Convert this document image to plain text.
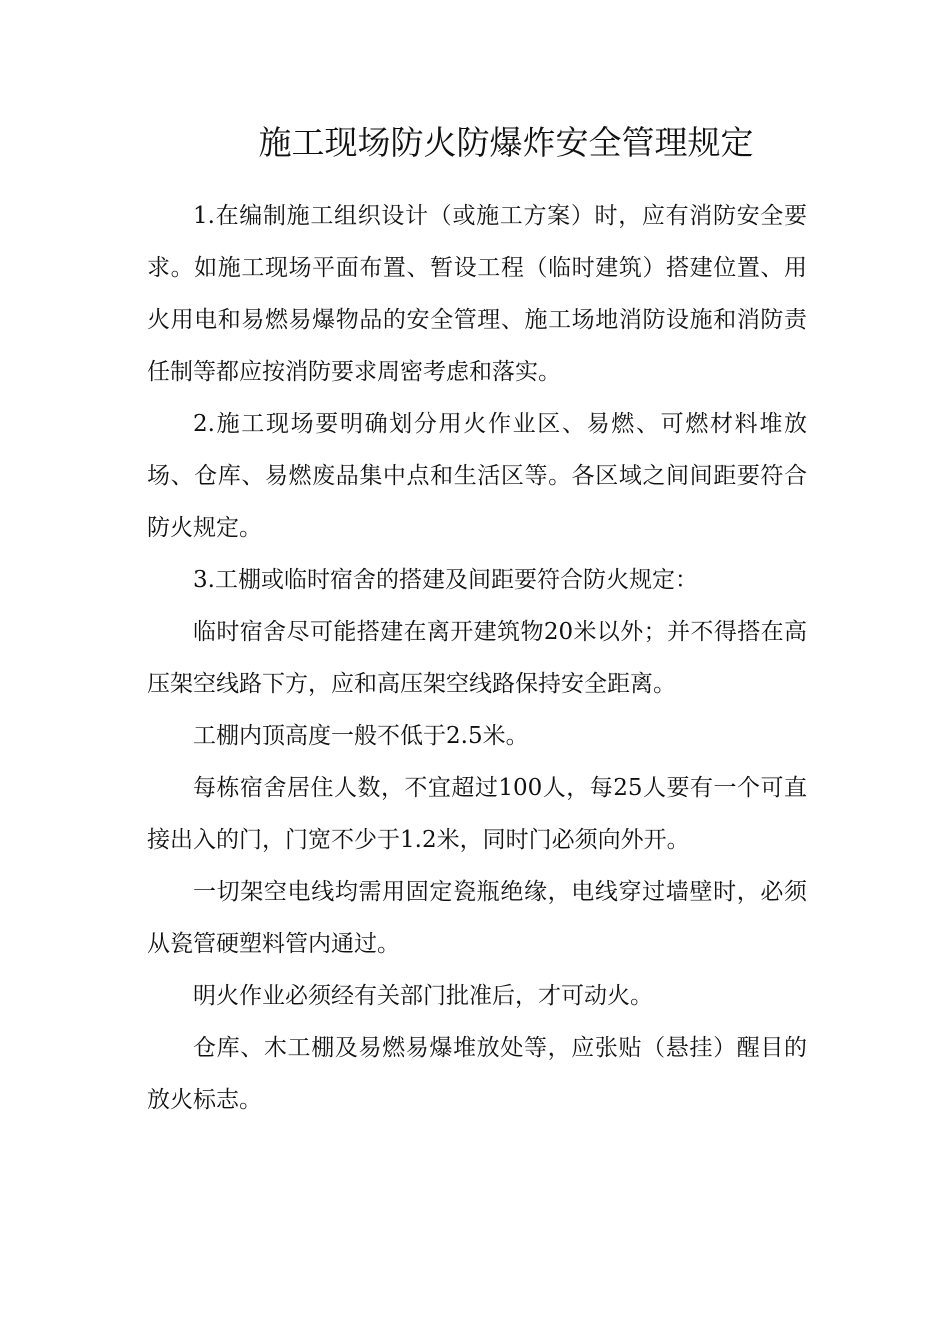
施工现场防火防爆炸安全管理规定

1.在编制施工组织设计（或施工方案）时，应有消防安全要求。如施工现场平面布置、暂设工程（临时建筑）搭建位置、用火用电和易燃易爆物品的安全管理、施工场地消防设施和消防责任制等都应按消防要求周密考虑和落实。

2.施工现场要明确划分用火作业区、易燃、可燃材料堆放场、仓库、易燃废品集中点和生活区等。各区域之间间距要符合防火规定。

3.工棚或临时宿舍的搭建及间距要符合防火规定：

临时宿舍尽可能搭建在离开建筑物20米以外；并不得搭在高压架空线路下方，应和高压架空线路保持安全距离。

工棚内顶高度一般不低于2.5米。

每栋宿舍居住人数，不宜超过100人，每25人要有一个可直接出入的门，门宽不少于1.2米，同时门必须向外开。

一切架空电线均需用固定瓷瓶绝缘，电线穿过墙壁时，必须从瓷管硬塑料管内通过。

明火作业必须经有关部门批准后，才可动火。

仓库、木工棚及易燃易爆堆放处等，应张贴（悬挂）醒目的放火标志。
